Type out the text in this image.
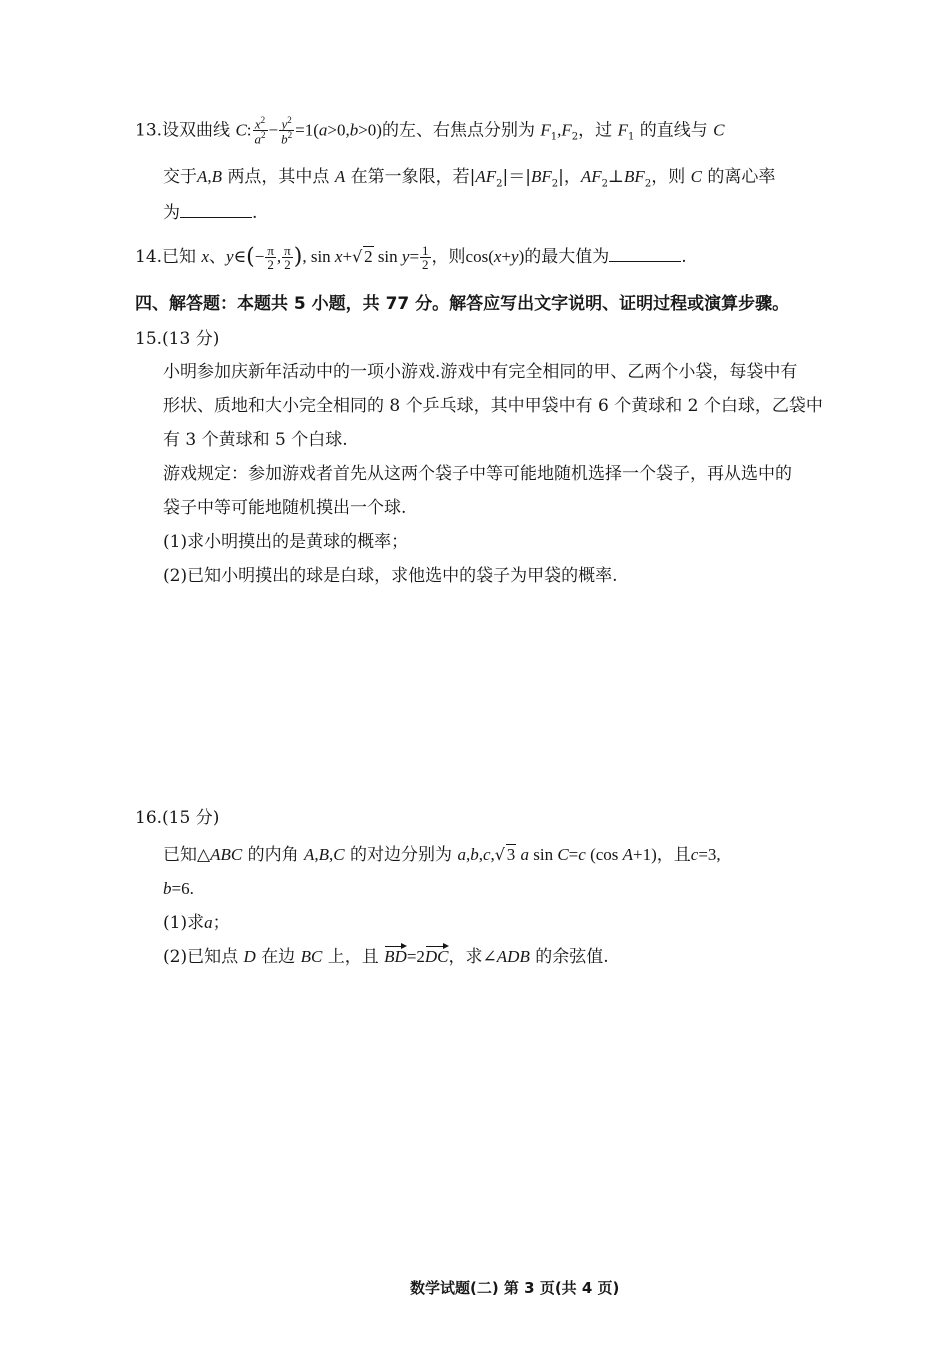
13.设双曲线 C: $\frac{x^2}{a^2} - \frac{y^2}{b^2} =1(a>0,b>0)$的左、右焦点分别为 $F_1,F_2$，过 $F_1$ 的直线与 C
交于A,B 两点，其中点 A 在第一象限，若$|AF_2|=|BF_2|$，$AF_2\perp BF_2$，则 C 的离心率
为	.
14.已知 x、y∈(− $\frac{\pi}{2}$ , $\frac{\pi}{2}$ ), sin x+ √ 2 $\sin y= \frac{1}{2}$ ，则cos(x+y)的最大值为	.
四、解答题：本题共 5 小题，共 77 分。解答应写出文字说明、证明过程或演算步骤。
15.(13 分)
小明参加庆新年活动中的一项小游戏.游戏中有完全相同的甲、乙两个小袋，每袋中有
形状、质地和大小完全相同的 8 个乒乓球，其中甲袋中有 6 个黄球和 2 个白球，乙袋中
有 3 个黄球和 5 个白球.
游戏规定：参加游戏者首先从这两个袋子中等可能地随机选择一个袋子，再从选中的
袋子中等可能地随机摸出一个球.
(1)求小明摸出的是黄球的概率；
(2)已知小明摸出的球是白球，求他选中的袋子为甲袋的概率.
16.(15 分)
已知△ABC 的内角 A,B,C 的对边分别为 a,b,c, √ 3 a sin C=c (cos A+1)，且c=3,
b=6.
(1)求a；
(2)已知点 D 在边 BC 上，且 BD=2DC，求∠ADB 的余弦值.
数学试题(二) 第 3 页(共 4 页)
